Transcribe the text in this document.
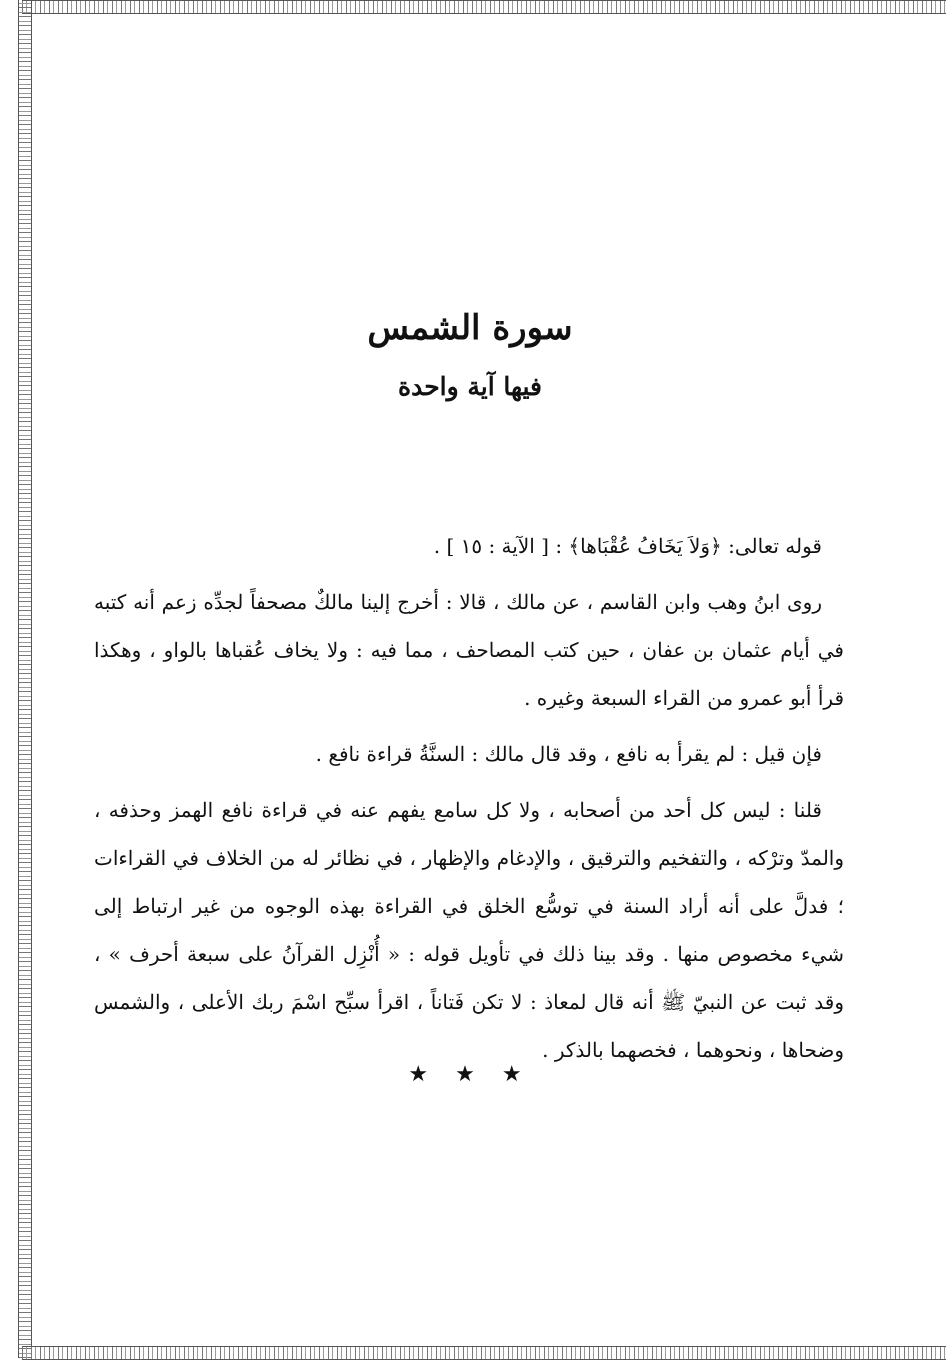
سورة الشمس
فيها آية واحدة

قوله تعالى: ﴿وَلاَ يَخَافُ عُقْبَاها﴾ : [ الآية : ١٥ ] .

روى ابنُ وهب وابن القاسم ، عن مالك ، قالا : أخرج إلينا مالكٌ مصحفاً لجدِّه زعم أنه كتبه في أيام عثمان بن عفان ، حين كتب المصاحف ، مما فيه : ولا يخاف عُقباها بالواو ، وهكذا قرأ أبو عمرو من القراء السبعة وغيره .

فإن قيل : لم يقرأ به نافع ، وقد قال مالك : السنَّةُ قراءة نافع .

قلنا : ليس كل أحد من أصحابه ، ولا كل سامع يفهم عنه في قراءة نافع الهمز وحذفه ، والمدّ وترْكه ، والتفخيم والترقيق ، والإدغام والإظهار ، في نظائر له من الخلاف في القراءات ؛ فدلَّ على أنه أراد السنة في توسُّع الخلق في القراءة بهذه الوجوه من غير ارتباط إلى شيء مخصوص منها . وقد بينا ذلك في تأويل قوله : « أُنْزِل القرآنُ على سبعة أحرف » ، وقد ثبت عن النبيّ ﷺ أنه قال لمعاذ : لا تكن فَتاناً ، اقرأ سبِّح اسْمَ ربك الأعلى ، والشمس وضحاها ، ونحوهما ، فخصهما بالذكر .

★ ★ ★
